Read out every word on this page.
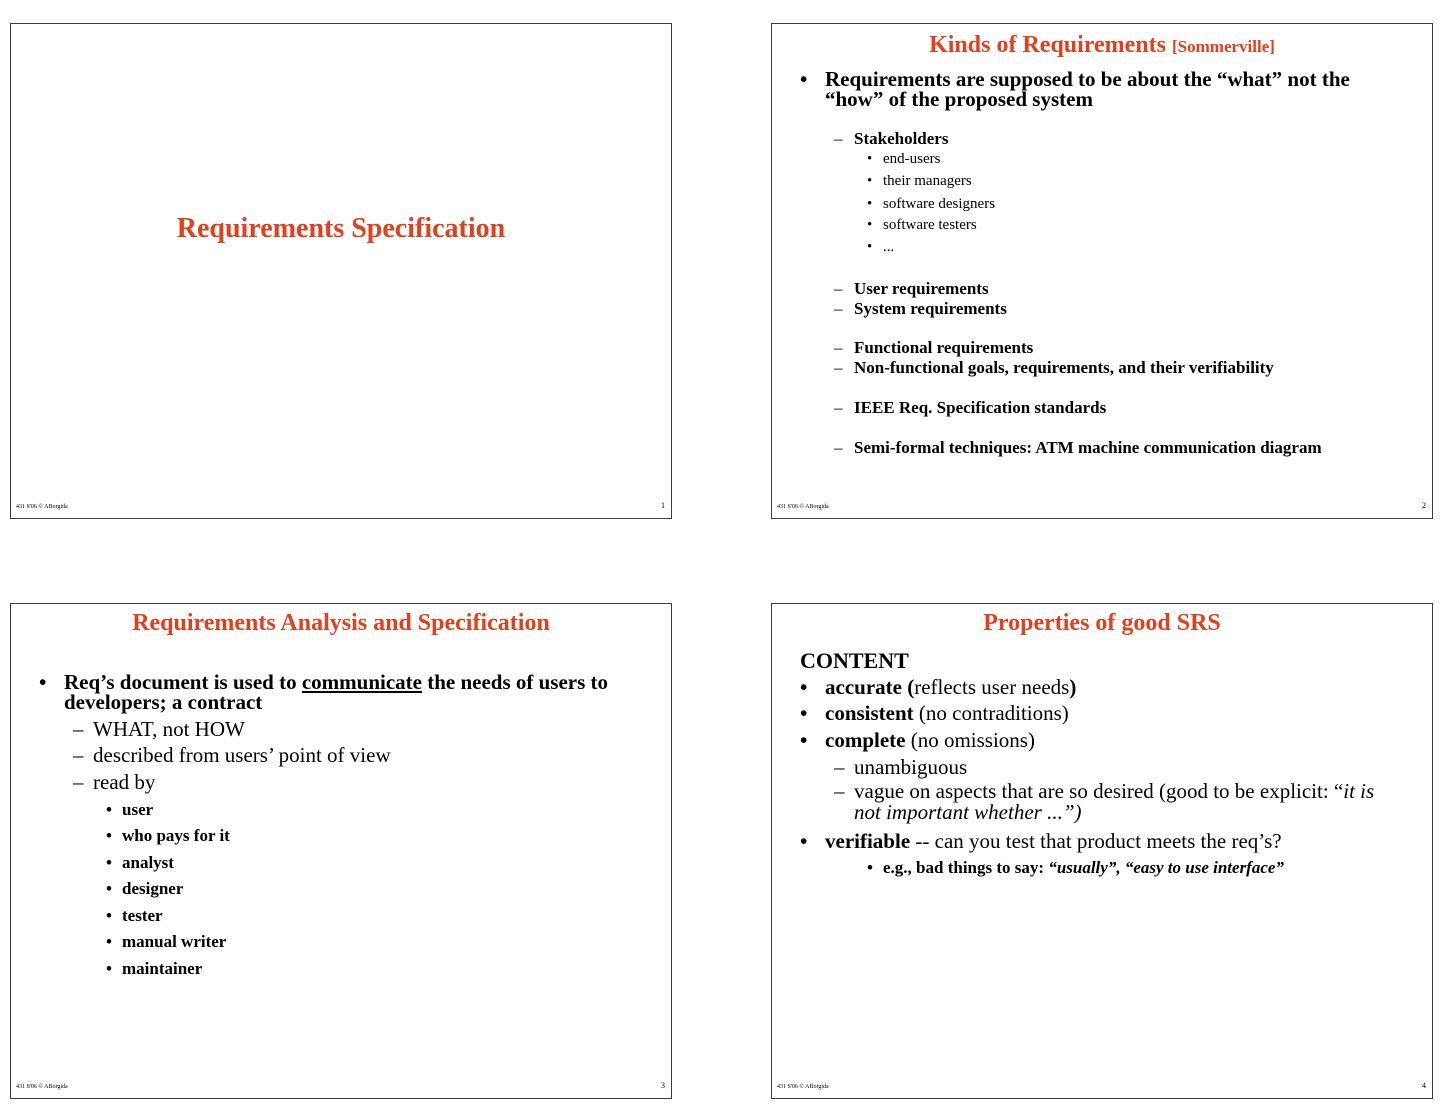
Requirements Specification
431 S'06 © ABorgida	1
Kinds of Requirements [Sommerville]
• Requirements are supposed to be about the “what” not the
“how” of the proposed system
– Stakeholders
• end-users
• their managers
• software designers
• software testers
• ...
– User requirements
– System requirements
– Functional requirements
– Non-functional goals, requirements, and their verifiability
– IEEE Req. Specification standards
– Semi-formal techniques: ATM machine communication diagram
431 S'06 © ABorgida	2
Requirements Analysis and Specification
• Req’s document is used to communicate the needs of users to
developers; a contract
– WHAT, not HOW
– described from users’ point of view
– read by
• user
• who pays for it
• analyst
• designer
• tester
• manual writer
• maintainer
431 S'06 © ABorgida	3
Properties of good SRS
CONTENT
• accurate (reflects user needs)
• consistent (no contraditions)
• complete (no omissions)
– unambiguous
– vague on aspects that are so desired (good to be explicit: “it is
not important whether ...”)
• verifiable -- can you test that product meets the req’s?
• e.g., bad things to say: “usually”, “easy to use interface”
431 S'06 © ABorgida	4
